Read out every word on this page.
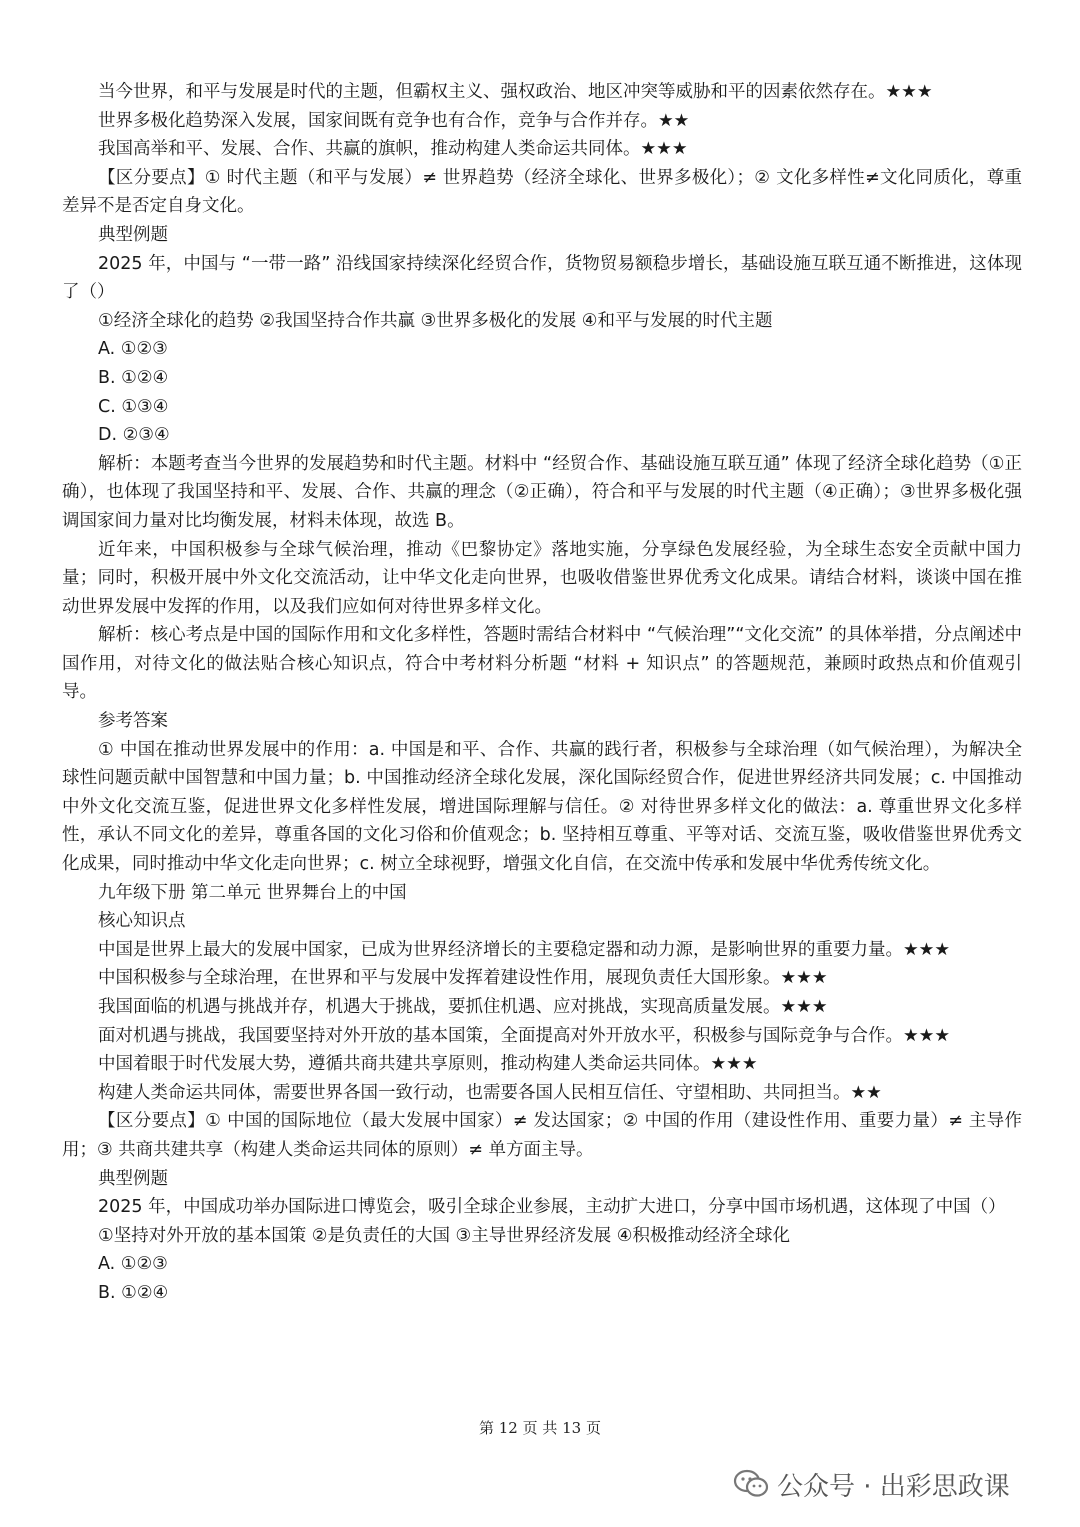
当今世界，和平与发展是时代的主题，但霸权主义、强权政治、地区冲突等威胁和平的因素依然存在。★★★

世界多极化趋势深入发展，国家间既有竞争也有合作，竞争与合作并存。★★

我国高举和平、发展、合作、共赢的旗帜，推动构建人类命运共同体。★★★

【区分要点】① 时代主题（和平与发展）≠ 世界趋势（经济全球化、世界多极化）；② 文化多样性≠文化同质化，尊重差异不是否定自身文化。

典型例题

2025 年，中国与 “一带一路” 沿线国家持续深化经贸合作，货物贸易额稳步增长，基础设施互联互通不断推进，这体现了（）

①经济全球化的趋势 ②我国坚持合作共赢 ③世界多极化的发展 ④和平与发展的时代主题

A. ①②③

B. ①②④

C. ①③④

D. ②③④

解析：本题考查当今世界的发展趋势和时代主题。材料中 “经贸合作、基础设施互联互通” 体现了经济全球化趋势（①正确），也体现了我国坚持和平、发展、合作、共赢的理念（②正确），符合和平与发展的时代主题（④正确）；③世界多极化强调国家间力量对比均衡发展，材料未体现，故选 B。

近年来，中国积极参与全球气候治理，推动《巴黎协定》落地实施，分享绿色发展经验，为全球生态安全贡献中国力量；同时，积极开展中外文化交流活动，让中华文化走向世界，也吸收借鉴世界优秀文化成果。请结合材料，谈谈中国在推动世界发展中发挥的作用，以及我们应如何对待世界多样文化。

解析：核心考点是中国的国际作用和文化多样性，答题时需结合材料中 “气候治理”“文化交流” 的具体举措，分点阐述中国作用，对待文化的做法贴合核心知识点，符合中考材料分析题 “材料 + 知识点” 的答题规范，兼顾时政热点和价值观引导。

参考答案

① 中国在推动世界发展中的作用：a. 中国是和平、合作、共赢的践行者，积极参与全球治理（如气候治理），为解决全球性问题贡献中国智慧和中国力量；b. 中国推动经济全球化发展，深化国际经贸合作，促进世界经济共同发展；c. 中国推动中外文化交流互鉴，促进世界文化多样性发展，增进国际理解与信任。② 对待世界多样文化的做法：a. 尊重世界文化多样性，承认不同文化的差异，尊重各国的文化习俗和价值观念；b. 坚持相互尊重、平等对话、交流互鉴，吸收借鉴世界优秀文化成果，同时推动中华文化走向世界；c. 树立全球视野，增强文化自信，在交流中传承和发展中华优秀传统文化。

九年级下册 第二单元 世界舞台上的中国

核心知识点

中国是世界上最大的发展中国家，已成为世界经济增长的主要稳定器和动力源，是影响世界的重要力量。★★★

中国积极参与全球治理，在世界和平与发展中发挥着建设性作用，展现负责任大国形象。★★★

我国面临的机遇与挑战并存，机遇大于挑战，要抓住机遇、应对挑战，实现高质量发展。★★★

面对机遇与挑战，我国要坚持对外开放的基本国策，全面提高对外开放水平，积极参与国际竞争与合作。★★★

中国着眼于时代发展大势，遵循共商共建共享原则，推动构建人类命运共同体。★★★

构建人类命运共同体，需要世界各国一致行动，也需要各国人民相互信任、守望相助、共同担当。★★

【区分要点】① 中国的国际地位（最大发展中国家）≠ 发达国家；② 中国的作用（建设性作用、重要力量）≠ 主导作用；③ 共商共建共享（构建人类命运共同体的原则）≠ 单方面主导。

典型例题

2025 年，中国成功举办国际进口博览会，吸引全球企业参展，主动扩大进口，分享中国市场机遇，这体现了中国（）

①坚持对外开放的基本国策 ②是负责任的大国 ③主导世界经济发展 ④积极推动经济全球化

A. ①②③

B. ①②④

第 12 页 共 13 页
公众号 · 出彩思政课
